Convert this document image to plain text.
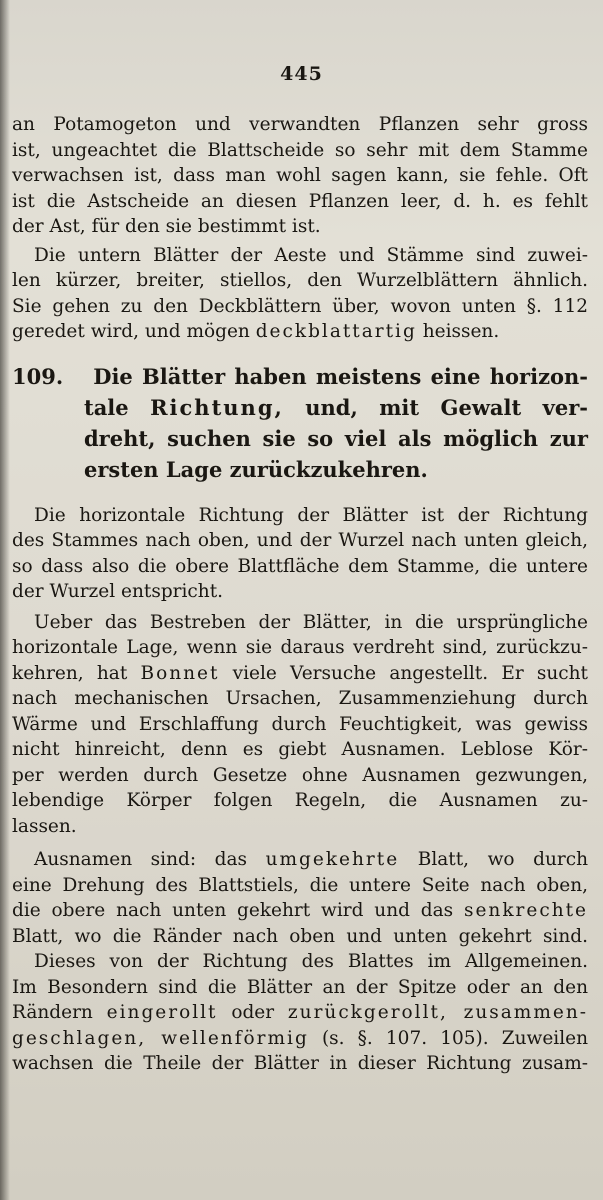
445
an Potamogeton und verwandten Pflanzen sehr gross
ist, ungeachtet die Blattscheide so sehr mit dem Stamme
verwachsen ist, dass man wohl sagen kann, sie fehle. Oft
ist die Astscheide an diesen Pflanzen leer, d. h. es fehlt
der Ast, für den sie bestimmt ist.
Die untern Blätter der Aeste und Stämme sind zuwei-
len kürzer, breiter, stiellos, den Wurzelblättern ähnlich.
Sie gehen zu den Deckblättern über, wovon unten §. 112
geredet wird, und mögen deckblattartig heissen.
109. Die Blätter haben meistens eine horizon-
tale Richtung, und, mit Gewalt ver-
dreht, suchen sie so viel als möglich zur
ersten Lage zurückzukehren.
Die horizontale Richtung der Blätter ist der Richtung
des Stammes nach oben, und der Wurzel nach unten gleich,
so dass also die obere Blattfläche dem Stamme, die untere
der Wurzel entspricht.
Ueber das Bestreben der Blätter, in die ursprüngliche
horizontale Lage, wenn sie daraus verdreht sind, zurückzu-
kehren, hat Bonnet viele Versuche angestellt. Er sucht
nach mechanischen Ursachen, Zusammenziehung durch
Wärme und Erschlaffung durch Feuchtigkeit, was gewiss
nicht hinreicht, denn es giebt Ausnamen. Leblose Kör-
per werden durch Gesetze ohne Ausnamen gezwungen,
lebendige Körper folgen Regeln, die Ausnamen zu-
lassen.
Ausnamen sind: das umgekehrte Blatt, wo durch
eine Drehung des Blattstiels, die untere Seite nach oben,
die obere nach unten gekehrt wird und das senkrechte
Blatt, wo die Ränder nach oben und unten gekehrt sind.
Dieses von der Richtung des Blattes im Allgemeinen.
Im Besondern sind die Blätter an der Spitze oder an den
Rändern eingerollt oder zurückgerollt, zusammen-
geschlagen, wellenförmig (s. §. 107. 105). Zuweilen
wachsen die Theile der Blätter in dieser Richtung zusam-
